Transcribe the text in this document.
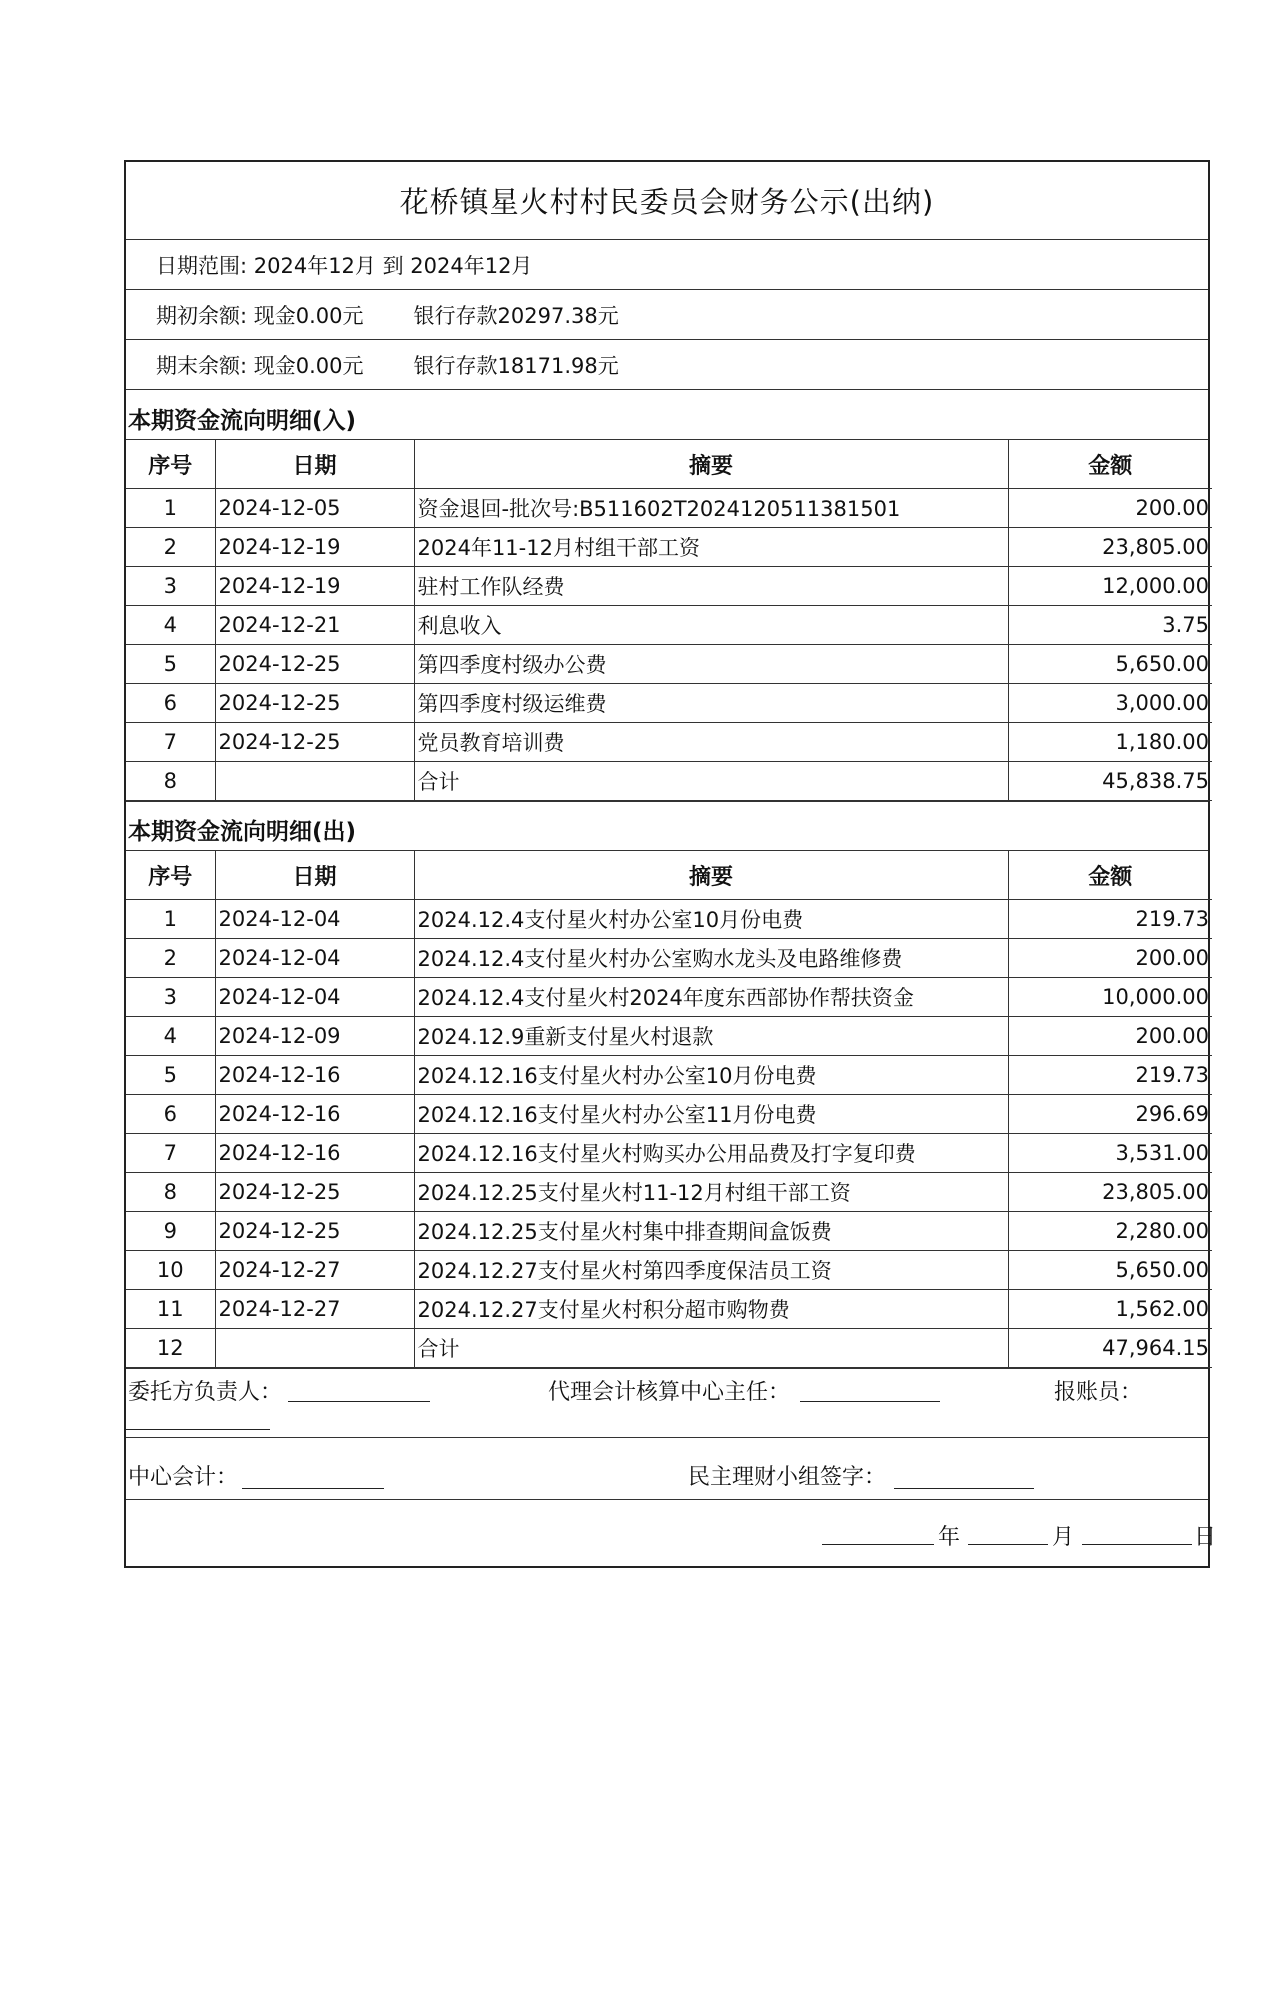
花桥镇星火村村民委员会财务公示(出纳)
日期范围: 2024年12月 到 2024年12月
期初余额: 现金0.00元 银行存款20297.38元
期末余额: 现金0.00元 银行存款18171.98元
本期资金流向明细(入)
序号	日期	摘要	金额
1	2024-12-05	资金退回-批次号:B511602T2024120511381501	200.00
2	2024-12-19	2024年11-12月村组干部工资	23,805.00
3	2024-12-19	驻村工作队经费	12,000.00
4	2024-12-21	利息收入	3.75
5	2024-12-25	第四季度村级办公费	5,650.00
6	2024-12-25	第四季度村级运维费	3,000.00
7	2024-12-25	党员教育培训费	1,180.00
8		合计	45,838.75
本期资金流向明细(出)
序号	日期	摘要	金额
1	2024-12-04	2024.12.4支付星火村办公室10月份电费	219.73
2	2024-12-04	2024.12.4支付星火村办公室购水龙头及电路维修费	200.00
3	2024-12-04	2024.12.4支付星火村2024年度东西部协作帮扶资金	10,000.00
4	2024-12-09	2024.12.9重新支付星火村退款	200.00
5	2024-12-16	2024.12.16支付星火村办公室10月份电费	219.73
6	2024-12-16	2024.12.16支付星火村办公室11月份电费	296.69
7	2024-12-16	2024.12.16支付星火村购买办公用品费及打字复印费	3,531.00
8	2024-12-25	2024.12.25支付星火村11-12月村组干部工资	23,805.00
9	2024-12-25	2024.12.25支付星火村集中排查期间盒饭费	2,280.00
10	2024-12-27	2024.12.27支付星火村第四季度保洁员工资	5,650.00
11	2024-12-27	2024.12.27支付星火村积分超市购物费	1,562.00
12		合计	47,964.15
委托方负责人：	代理会计核算中心主任：	报账员：
中心会计：	民主理财小组签字：
年	月	日
